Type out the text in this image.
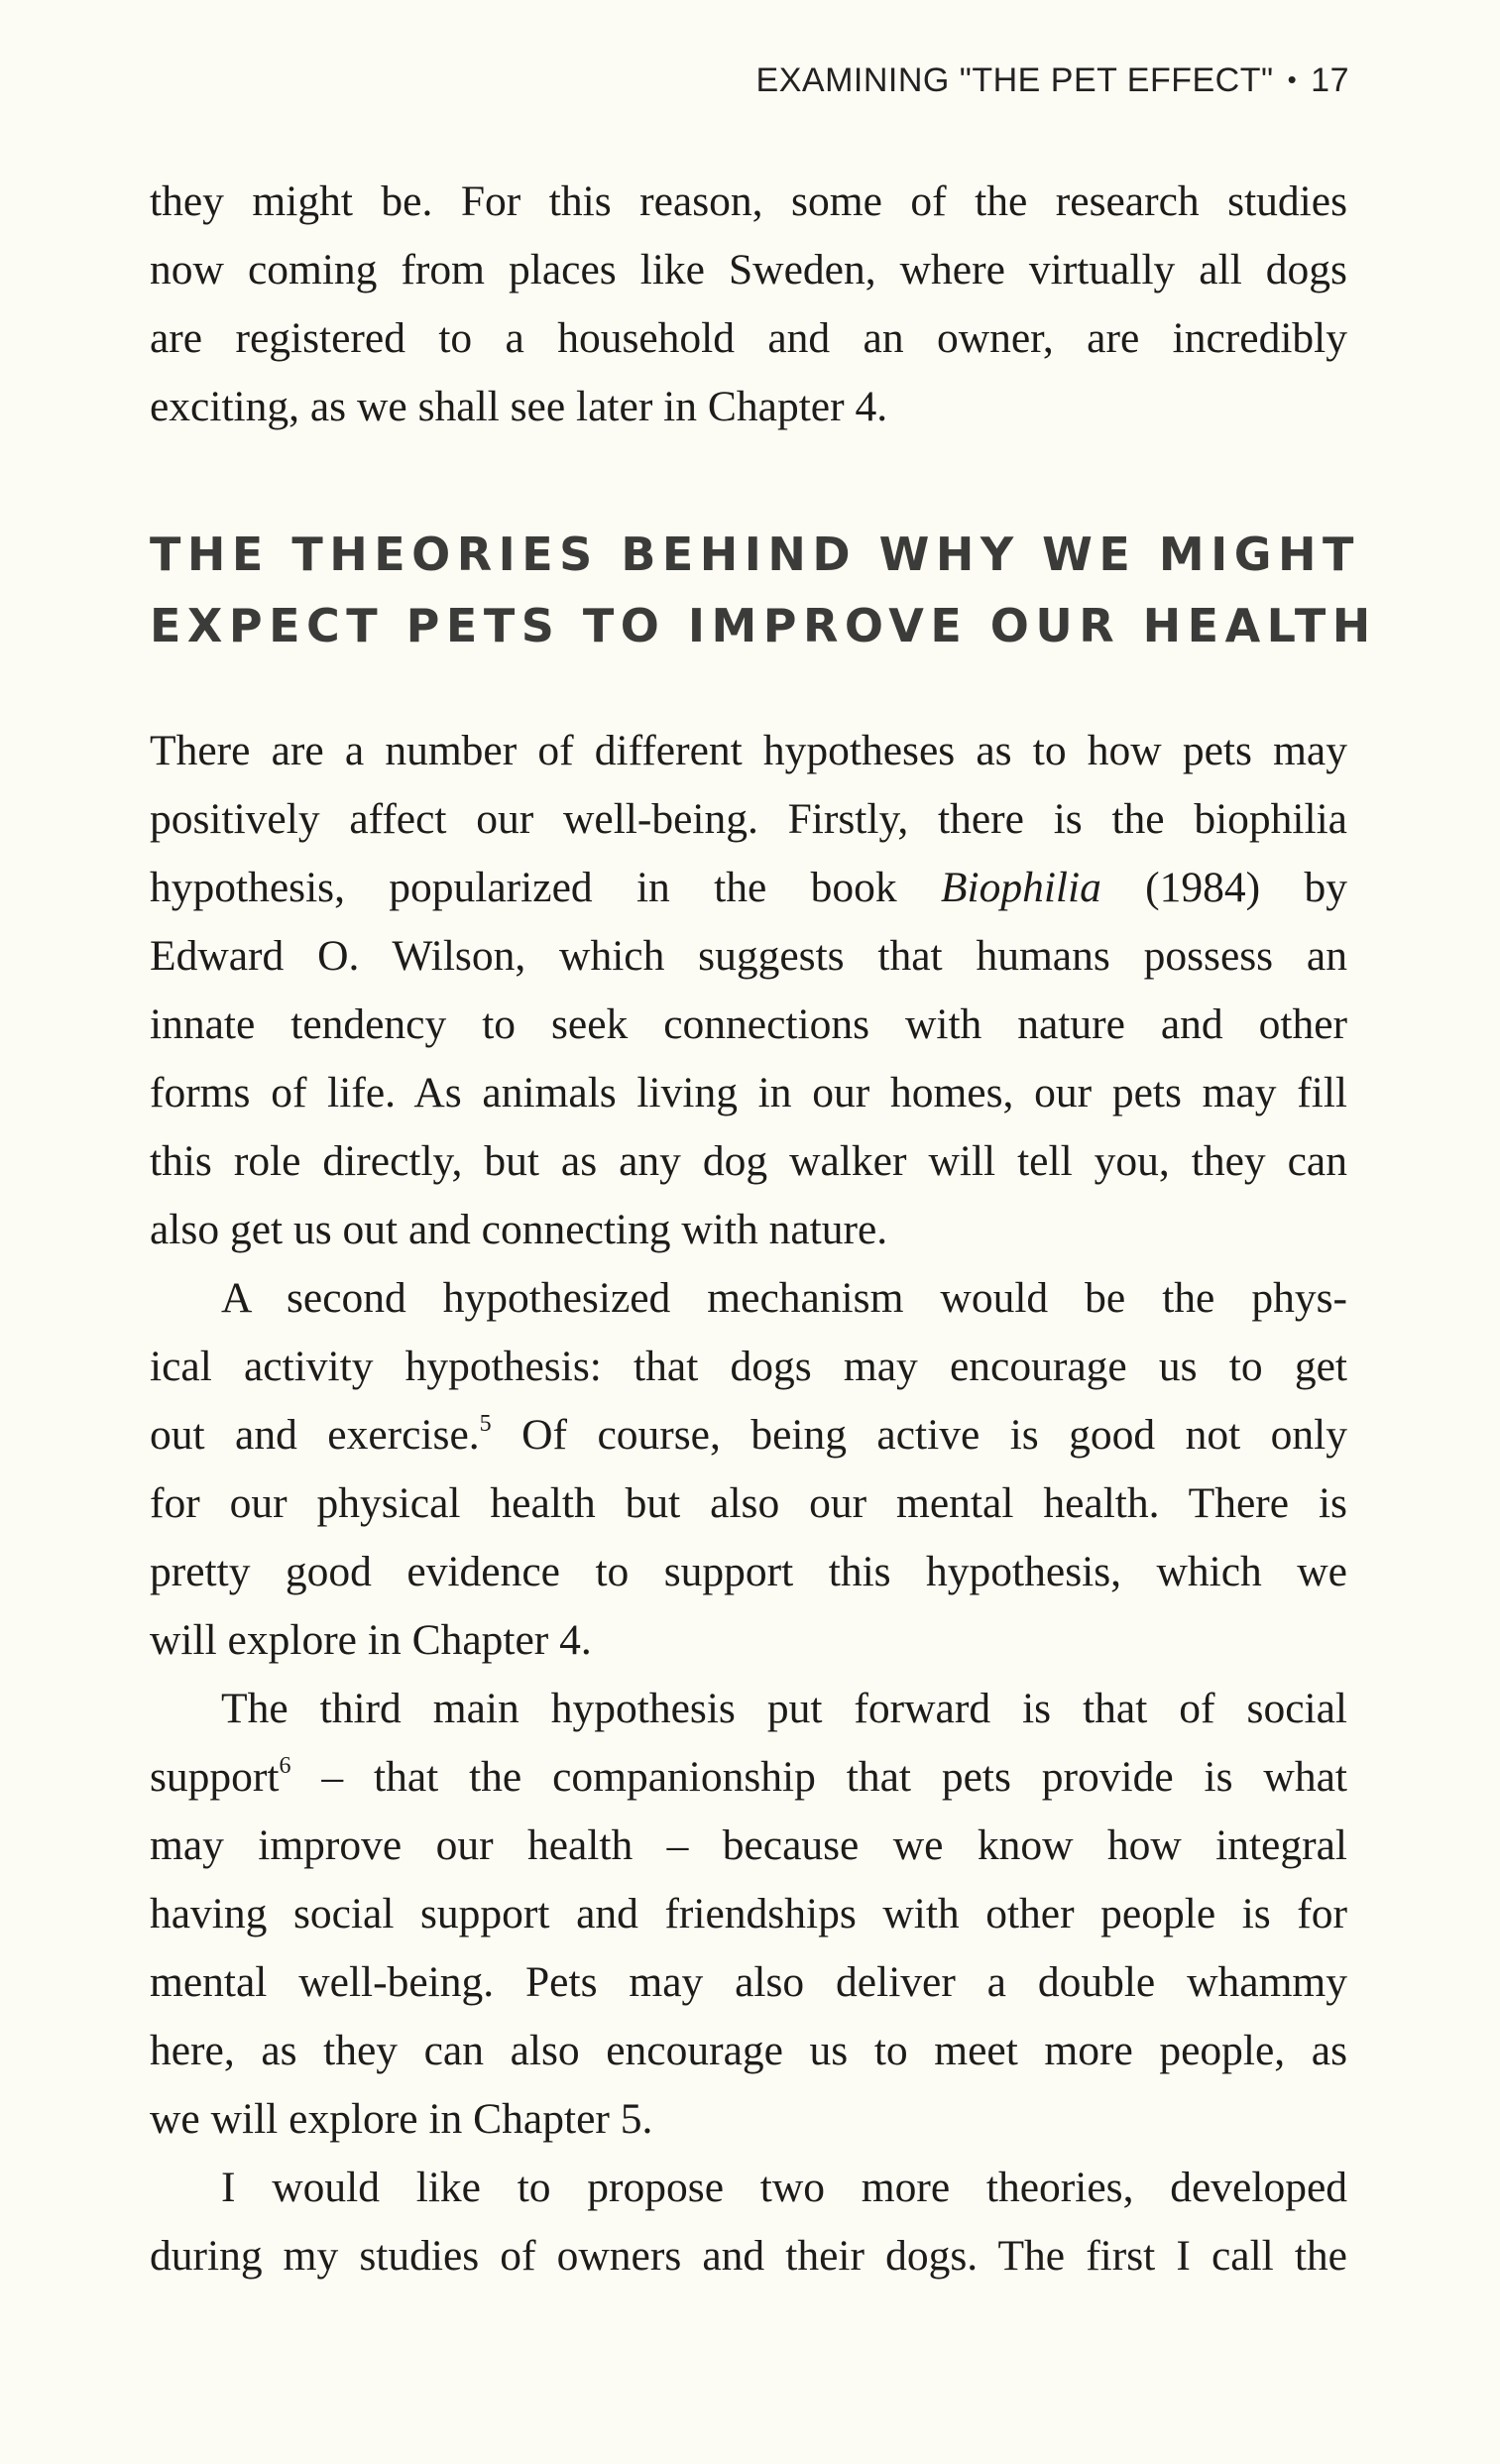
EXAMINING "THE PET EFFECT" • 17
they might be. For this reason, some of the research studies
now coming from places like Sweden, where virtually all dogs
are registered to a household and an owner, are incredibly
exciting, as we shall see later in Chapter 4.
THE THEORIES BEHIND WHY WE MIGHT
EXPECT PETS TO IMPROVE OUR HEALTH
There are a number of different hypotheses as to how pets may
positively affect our well-being. Firstly, there is the biophilia
hypothesis, popularized in the book Biophilia (1984) by
Edward O. Wilson, which suggests that humans possess an
innate tendency to seek connections with nature and other
forms of life. As animals living in our homes, our pets may fill
this role directly, but as any dog walker will tell you, they can
also get us out and connecting with nature.
A second hypothesized mechanism would be the phys-
ical activity hypothesis: that dogs may encourage us to get
out and exercise.$^5$ Of course, being active is good not only
for our physical health but also our mental health. There is
pretty good evidence to support this hypothesis, which we
will explore in Chapter 4.
The third main hypothesis put forward is that of social
support$^6$ – that the companionship that pets provide is what
may improve our health – because we know how integral
having social support and friendships with other people is for
mental well-being. Pets may also deliver a double whammy
here, as they can also encourage us to meet more people, as
we will explore in Chapter 5.
I would like to propose two more theories, developed
during my studies of owners and their dogs. The first I call the
